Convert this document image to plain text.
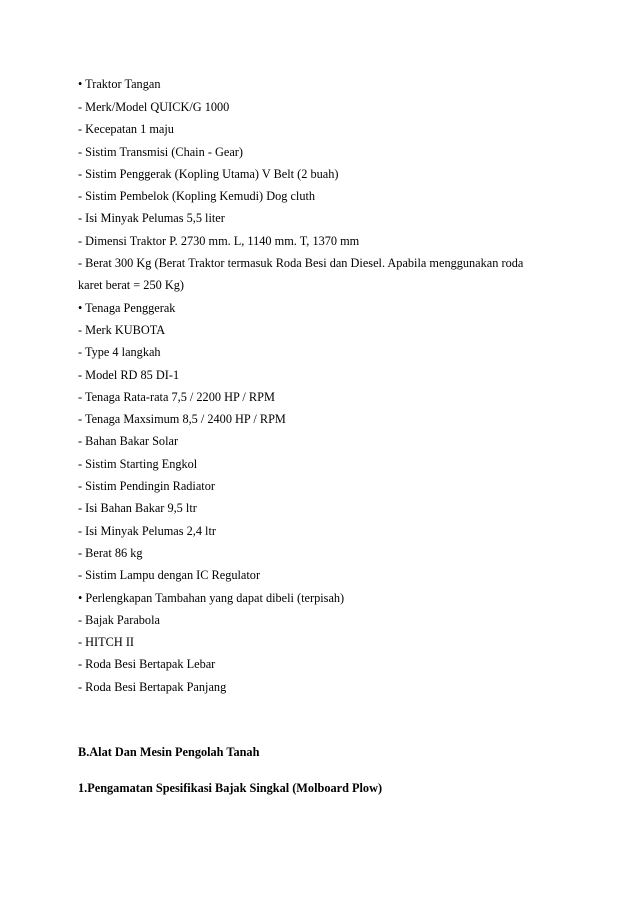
• Traktor Tangan
- Merk/Model QUICK/G 1000
- Kecepatan 1 maju
- Sistim Transmisi (Chain - Gear)
- Sistim Penggerak (Kopling Utama) V Belt (2 buah)
- Sistim Pembelok (Kopling Kemudi) Dog cluth
- Isi Minyak Pelumas 5,5 liter
- Dimensi Traktor P. 2730 mm. L, 1140 mm. T, 1370 mm
- Berat 300 Kg (Berat Traktor termasuk Roda Besi dan Diesel. Apabila menggunakan roda
karet berat = 250 Kg)
• Tenaga Penggerak
- Merk KUBOTA
- Type 4 langkah
- Model RD 85 DI-1
- Tenaga Rata-rata 7,5 / 2200 HP / RPM
- Tenaga Maxsimum 8,5 / 2400 HP / RPM
- Bahan Bakar Solar
- Sistim Starting Engkol
- Sistim Pendingin Radiator
- Isi Bahan Bakar 9,5 ltr
- Isi Minyak Pelumas 2,4 ltr
- Berat 86 kg
- Sistim Lampu dengan IC Regulator
• Perlengkapan Tambahan yang dapat dibeli (terpisah)
- Bajak Parabola
- HITCH II
- Roda Besi Bertapak Lebar
- Roda Besi Bertapak Panjang
B.Alat Dan Mesin Pengolah Tanah
1.Pengamatan Spesifikasi Bajak Singkal (Molboard Plow)
